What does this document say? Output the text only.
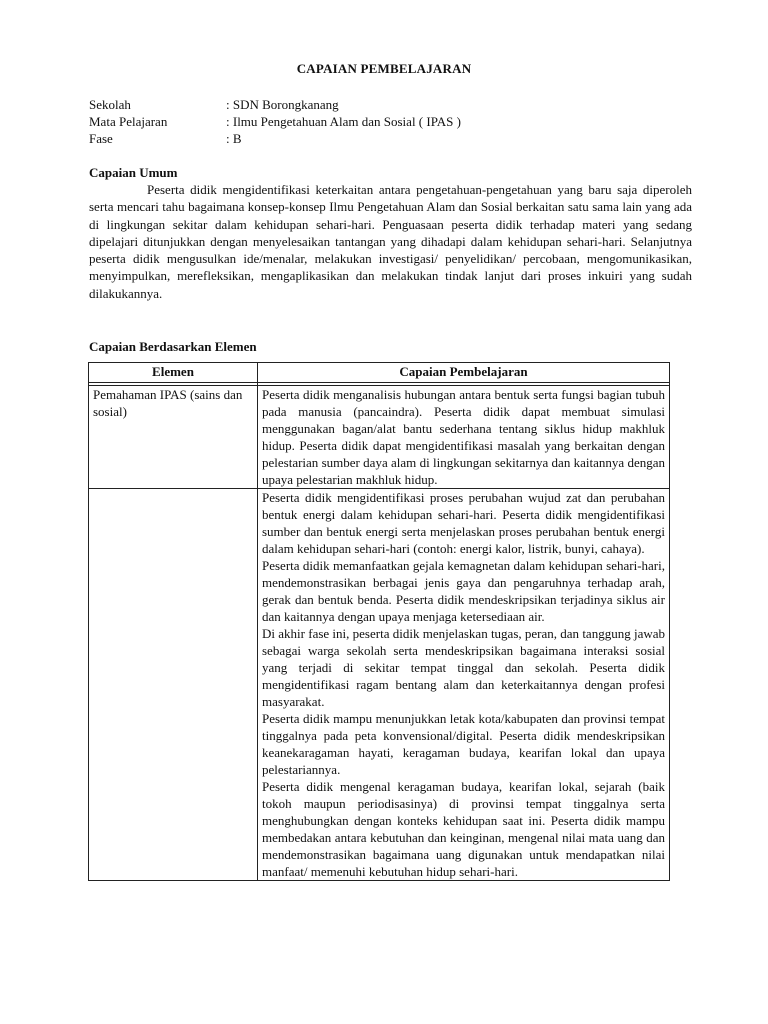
CAPAIAN PEMBELAJARAN
Sekolah	: SDN Borongkanang
Mata Pelajaran	: Ilmu Pengetahuan Alam dan Sosial ( IPAS )
Fase	: B
Capaian Umum

Peserta didik mengidentifikasi keterkaitan antara pengetahuan-pengetahuan yang baru saja diperoleh serta mencari tahu bagaimana konsep-konsep Ilmu Pengetahuan Alam dan Sosial berkaitan satu sama lain yang ada di lingkungan sekitar dalam kehidupan sehari-hari. Penguasaan peserta didik terhadap materi yang sedang dipelajari ditunjukkan dengan menyelesaikan tantangan yang dihadapi dalam kehidupan sehari-hari. Selanjutnya peserta didik mengusulkan ide/menalar, melakukan investigasi/ penyelidikan/ percobaan, mengomunikasikan, menyimpulkan, merefleksikan, mengaplikasikan dan melakukan tindak lanjut dari proses inkuiri yang sudah dilakukannya.

Capaian Berdasarkan Elemen
Elemen	Capaian Pembelajaran

Pemahaman IPAS (sains dan sosial)	Peserta didik menganalisis hubungan antara bentuk serta fungsi bagian tubuh pada manusia (pancaindra). Peserta didik dapat membuat simulasi menggunakan bagan/alat bantu sederhana tentang siklus hidup makhluk hidup. Peserta didik dapat mengidentifikasi masalah yang berkaitan dengan pelestarian sumber daya alam di lingkungan sekitarnya dan kaitannya dengan upaya pelestarian makhluk hidup.

	Peserta didik mengidentifikasi proses perubahan wujud zat dan perubahan bentuk energi dalam kehidupan sehari-hari. Peserta didik mengidentifikasi sumber dan bentuk energi serta menjelaskan proses perubahan bentuk energi dalam kehidupan sehari-hari (contoh: energi kalor, listrik, bunyi, cahaya).

Peserta didik memanfaatkan gejala kemagnetan dalam kehidupan sehari-hari, mendemonstrasikan berbagai jenis gaya dan pengaruhnya terhadap arah, gerak dan bentuk benda. Peserta didik mendeskripsikan terjadinya siklus air dan kaitannya dengan upaya menjaga ketersediaan air.

Di akhir fase ini, peserta didik menjelaskan tugas, peran, dan tanggung jawab sebagai warga sekolah serta mendeskripsikan bagaimana interaksi sosial yang terjadi di sekitar tempat tinggal dan sekolah. Peserta didik mengidentifikasi ragam bentang alam dan keterkaitannya dengan profesi masyarakat.

Peserta didik mampu menunjukkan letak kota/kabupaten dan provinsi tempat tinggalnya pada peta konvensional/digital. Peserta didik mendeskripsikan keanekaragaman hayati, keragaman budaya, kearifan lokal dan upaya pelestariannya.

Peserta didik mengenal keragaman budaya, kearifan lokal, sejarah (baik tokoh maupun periodisasinya) di provinsi tempat tinggalnya serta menghubungkan dengan konteks kehidupan saat ini. Peserta didik mampu membedakan antara kebutuhan dan keinginan, mengenal nilai mata uang dan mendemonstrasikan bagaimana uang digunakan untuk mendapatkan nilai manfaat/ memenuhi kebutuhan hidup sehari-hari.
